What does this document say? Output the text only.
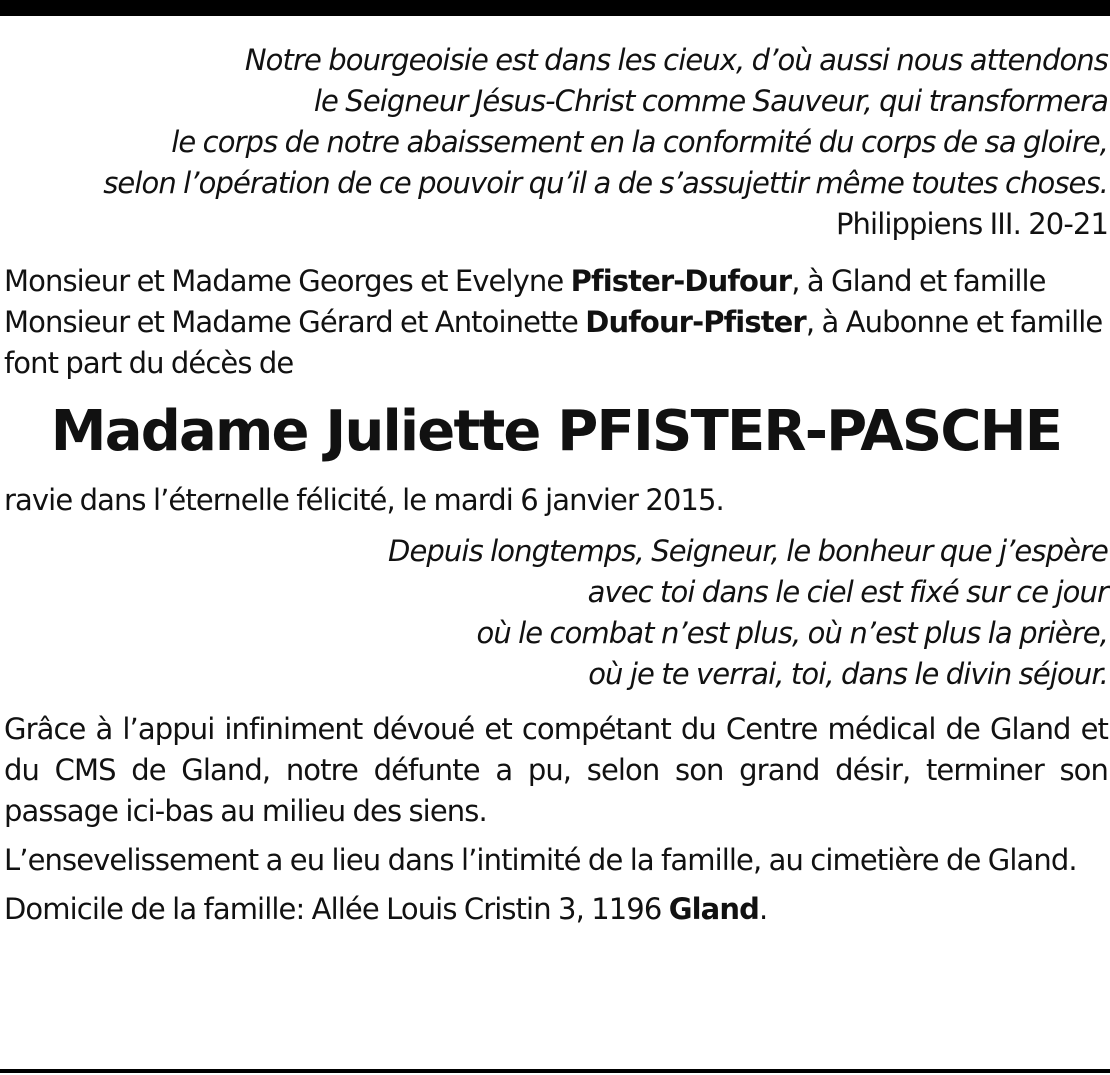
Notre bourgeoisie est dans les cieux, d’où aussi nous attendons
le Seigneur Jésus-Christ comme Sauveur, qui transformera
le corps de notre abaissement en la conformité du corps de sa gloire,
selon l’opération de ce pouvoir qu’il a de s’assujettir même toutes choses.
Philippiens III. 20-21
Monsieur et Madame Georges et Evelyne Pfister-Dufour, à Gland et famille
Monsieur et Madame Gérard et Antoinette Dufour-Pfister, à Aubonne et famille
font part du décès de
Madame Juliette PFISTER-PASCHE
ravie dans l’éternelle félicité, le mardi 6 janvier 2015.
Depuis longtemps, Seigneur, le bonheur que j’espère
avec toi dans le ciel est fixé sur ce jour
où le combat n’est plus, où n’est plus la prière,
où je te verrai, toi, dans le divin séjour.
Grâce à l’appui infiniment dévoué et compétant du Centre médical de Gland et du CMS de Gland, notre défunte a pu, selon son grand désir, terminer son passage ici-bas au milieu des siens.
L’ensevelissement a eu lieu dans l’intimité de la famille, au cimetière de Gland.
Domicile de la famille: Allée Louis Cristin 3, 1196 Gland.
